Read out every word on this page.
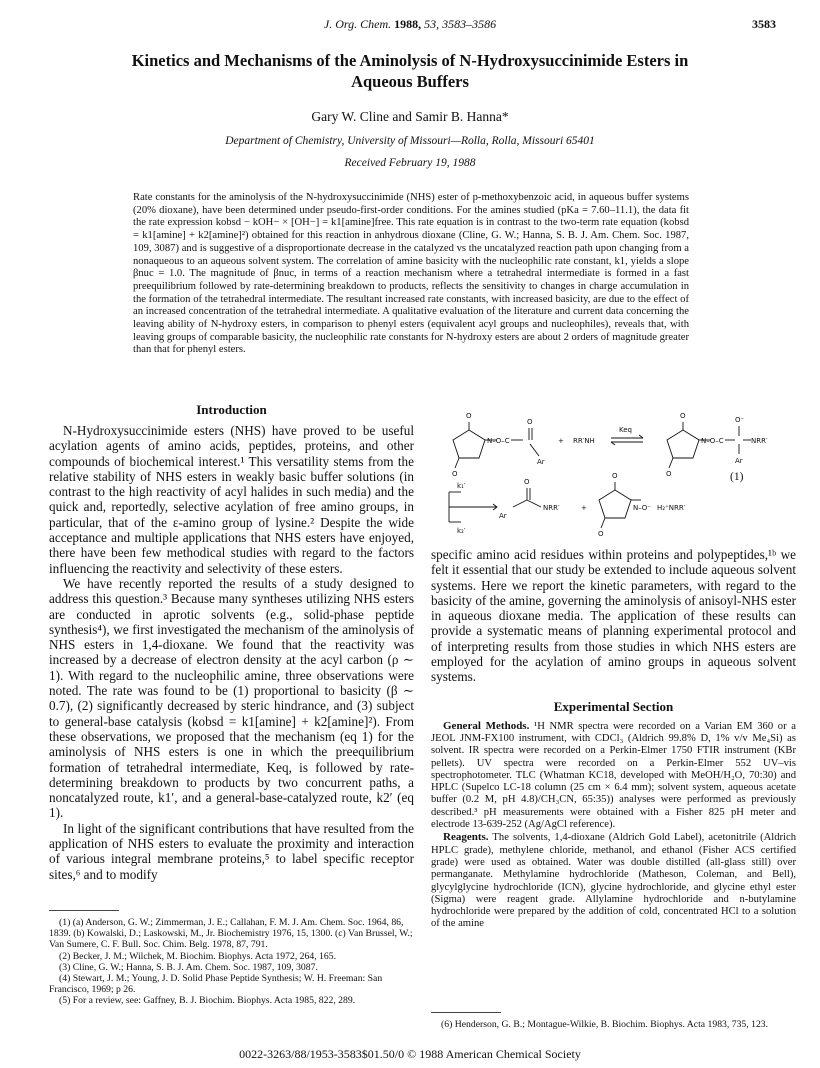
J. Org. Chem. 1988, 53, 3583–3586	3583
Kinetics and Mechanisms of the Aminolysis of N-Hydroxysuccinimide Esters in Aqueous Buffers
Gary W. Cline and Samir B. Hanna*
Department of Chemistry, University of Missouri—Rolla, Rolla, Missouri 65401
Received February 19, 1988
Rate constants for the aminolysis of the N-hydroxysuccinimide (NHS) ester of p-methoxybenzoic acid, in aqueous buffer systems (20% dioxane), have been determined under pseudo-first-order conditions. For the amines studied (pKa = 7.60–11.1), the data fit the rate expression kobsd − kOH− × [OH−] = k1[amine]free. This rate equation is in contrast to the two-term rate equation (kobsd = k1[amine] + k2[amine]²) obtained for this reaction in anhydrous dioxane (Cline, G. W.; Hanna, S. B. J. Am. Chem. Soc. 1987, 109, 3087) and is suggestive of a disproportionate decrease in the catalyzed vs the uncatalyzed reaction path upon changing from a nonaqueous to an aqueous solvent system. The correlation of amine basicity with the nucleophilic rate constant, k1, yields a slope βnuc = 1.0. The magnitude of βnuc, in terms of a reaction mechanism where a tetrahedral intermediate is formed in a fast preequilibrium followed by rate-determining breakdown to products, reflects the sensitivity to changes in charge accumulation in the formation of the tetrahedral intermediate. The resultant increased rate constants, with increased basicity, are due to the effect of an increased concentration of the tetrahedral intermediate. A qualitative evaluation of the literature and current data concerning the leaving ability of N-hydroxy esters, in comparison to phenyl esters (equivalent acyl groups and nucleophiles), reveals that, with leaving groups of comparable basicity, the nucleophilic rate constants for N-hydroxy esters are about 2 orders of magnitude greater than that for phenyl esters.
Introduction

N-Hydroxysuccinimide esters (NHS) have proved to be useful acylation agents of amino acids, peptides, proteins, and other compounds of biochemical interest.¹ This versatility stems from the relative stability of NHS esters in weakly basic buffer solutions (in contrast to the high reactivity of acyl halides in such media) and the quick and, reportedly, selective acylation of free amino groups, in particular, that of the ε-amino group of lysine.² Despite the wide acceptance and multiple applications that NHS esters have enjoyed, there have been few methodical studies with regard to the factors influencing the reactivity and selectivity of these esters.

We have recently reported the results of a study designed to address this question.³ Because many syntheses utilizing NHS esters are conducted in aprotic solvents (e.g., solid-phase peptide synthesis⁴), we first investigated the mechanism of the aminolysis of NHS esters in 1,4-dioxane. We found that the reactivity was increased by a decrease of electron density at the acyl carbon (ρ ∼ 1). With regard to the nucleophilic amine, three observations were noted. The rate was found to be (1) proportional to basicity (β ∼ 0.7), (2) significantly decreased by steric hindrance, and (3) subject to general-base catalysis (kobsd = k1[amine] + k2[amine]²). From these observations, we proposed that the mechanism (eq 1) for the aminolysis of NHS esters is one in which the preequilibrium formation of tetrahedral intermediate, Keq, is followed by rate-determining breakdown to products by two concurrent paths, a noncatalyzed route, k1′, and a general-base-catalyzed route, k2′ (eq 1).

In light of the significant contributions that have resulted from the application of NHS esters to evaluate the proximity and interaction of various integral membrane proteins,⁵ to label specific receptor sites,⁶ and to modify

O
O
N–O–C
O
Ar
+ RR′NH
Keq
O
O
N–O–C
O⁻
NRR′
Ar
k₁′
k₂′
O
Ar
NRR′	+
O
O
N–O⁻ H₂⁺NRR′
(1)

specific amino acid residues within proteins and polypeptides,¹ᵇ we felt it essential that our study be extended to include aqueous solvent systems. Here we report the kinetic parameters, with regard to the basicity of the amine, governing the aminolysis of anisoyl-NHS ester in aqueous dioxane media. The application of these results can provide a systematic means of planning experimental protocol and of interpreting results from those studies in which NHS esters are employed for the acylation of amino groups in aqueous solvent systems.

Experimental Section

General Methods. ¹H NMR spectra were recorded on a Varian EM 360 or a JEOL JNM-FX100 instrument, with CDCl₃ (Aldrich 99.8% D, 1% v/v Me₄Si) as solvent. IR spectra were recorded on a Perkin-Elmer 1750 FTIR instrument (KBr pellets). UV spectra were recorded on a Perkin-Elmer 552 UV–vis spectrophotometer. TLC (Whatman KC18, developed with MeOH/H₂O, 70:30) and HPLC (Supelco LC-18 column (25 cm × 6.4 mm); solvent system, aqueous acetate buffer (0.2 M, pH 4.8)/CH₃CN, 65:35)) analyses were performed as previously described.³ pH measurements were obtained with a Fisher 825 pH meter and electrode 13-639-252 (Ag/AgCl reference).

Reagents. The solvents, 1,4-dioxane (Aldrich Gold Label), acetonitrile (Aldrich HPLC grade), methylene chloride, methanol, and ethanol (Fisher ACS certified grade) were used as obtained. Water was double distilled (all-glass still) over permanganate. Methylamine hydrochloride (Matheson, Coleman, and Bell), glycylglycine hydrochloride (ICN), glycine hydrochloride, and glycine ethyl ester (Sigma) were reagent grade. Allylamine hydrochloride and n-butylamine hydrochloride were prepared by the addition of cold, concentrated HCl to a solution of the amine

(1) (a) Anderson, G. W.; Zimmerman, J. E.; Callahan, F. M. J. Am. Chem. Soc. 1964, 86, 1839. (b) Kowalski, D.; Laskowski, M., Jr. Biochemistry 1976, 15, 1300. (c) Van Brussel, W.; Van Sumere, C. F. Bull. Soc. Chim. Belg. 1978, 87, 791.

(2) Becker, J. M.; Wilchek, M. Biochim. Biophys. Acta 1972, 264, 165.

(3) Cline, G. W.; Hanna, S. B. J. Am. Chem. Soc. 1987, 109, 3087.

(4) Stewart, J. M.; Young, J. D. Solid Phase Peptide Synthesis; W. H. Freeman: San Francisco, 1969; p 26.

(5) For a review, see: Gaffney, B. J. Biochim. Biophys. Acta 1985, 822, 289.

(6) Henderson, G. B.; Montague-Wilkie, B. Biochim. Biophys. Acta 1983, 735, 123.

0022-3263/88/1953-3583$01.50/0 © 1988 American Chemical Society
